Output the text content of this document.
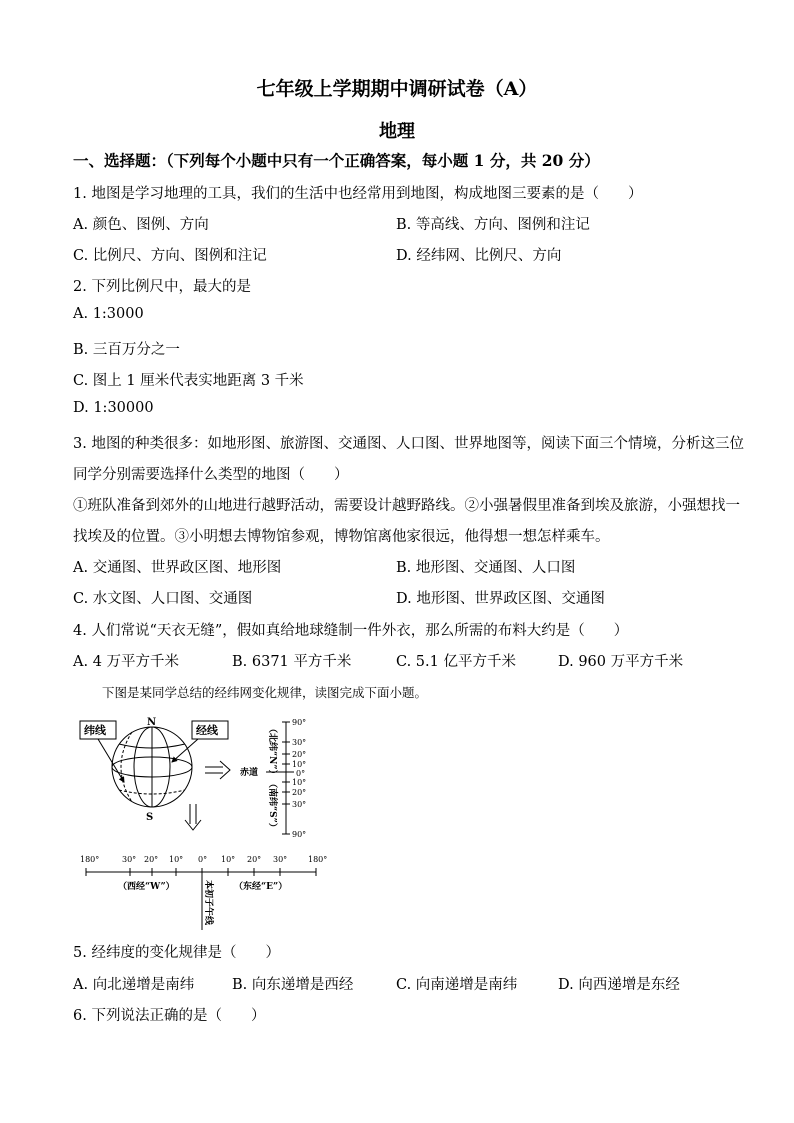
七年级上学期期中调研试卷（A）
地理
一、选择题：（下列每个小题中只有一个正确答案，每小题 1 分，共 20 分）
1. 地图是学习地理的工具，我们的生活中也经常用到地图，构成地图三要素的是（　　）
A. 颜色、图例、方向	B. 等高线、方向、图例和注记
C. 比例尺、方向、图例和注记	D. 经纬网、比例尺、方向
2. 下列比例尺中，最大的是
A. 1:3000
B. 三百万分之一
C. 图上 1 厘米代表实地距离 3 千米
D. 1:30000
3. 地图的种类很多：如地形图、旅游图、交通图、人口图、世界地图等，阅读下面三个情境，分析这三位
同学分别需要选择什么类型的地图（　　）
①班队准备到郊外的山地进行越野活动，需要设计越野路线。②小强暑假里准备到埃及旅游，小强想找一
找埃及的位置。③小明想去博物馆参观，博物馆离他家很远，他得想一想怎样乘车。
A. 交通图、世界政区图、地形图	B. 地形图、交通图、人口图
C. 水文图、人口图、交通图	D. 地形图、世界政区图、交通图
4. 人们常说“天衣无缝”，假如真给地球缝制一件外衣，那么所需的布料大约是（　　）
A. 4 万平方千米	B. 6371 平方千米	C. 5.1 亿平方千米	D. 960 万平方千米
下图是某同学总结的经纬网变化规律，读图完成下面小题。
N
S
纬线	经线
90°
30°
20°
10°
0°
10°
20°
30°
90°
赤道 （北纬“N”）
（南纬“S”）
180°	30° 20° 10° 0° 10° 20° 30°	180°
（西经“W”）	（东经“E”）
本初子午线
5. 经纬度的变化规律是（　　）
A. 向北递增是南纬	B. 向东递增是西经	C. 向南递增是南纬	D. 向西递增是东经
6. 下列说法正确的是（　　）
